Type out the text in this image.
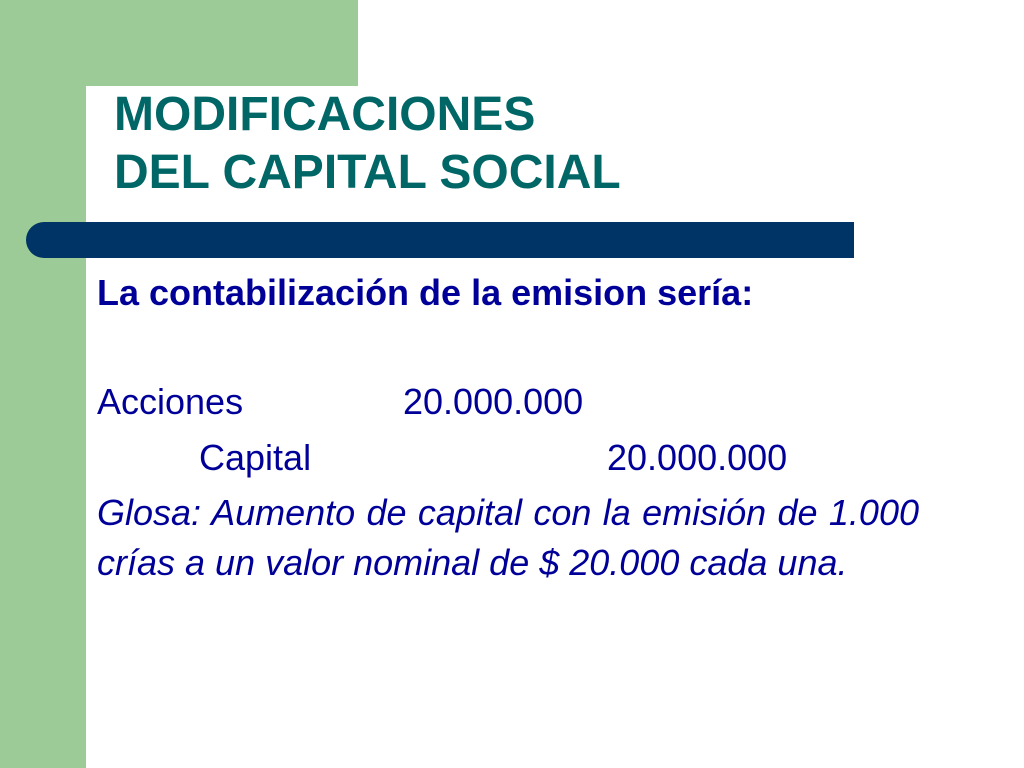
MODIFICACIONES
DEL CAPITAL SOCIAL

La contabilización de la emision sería:

Acciones	20.000.000
Capital	20.000.000

Glosa: Aumento de capital con la emisión de 1.000 crías a un valor nominal de $ 20.000 cada una.
